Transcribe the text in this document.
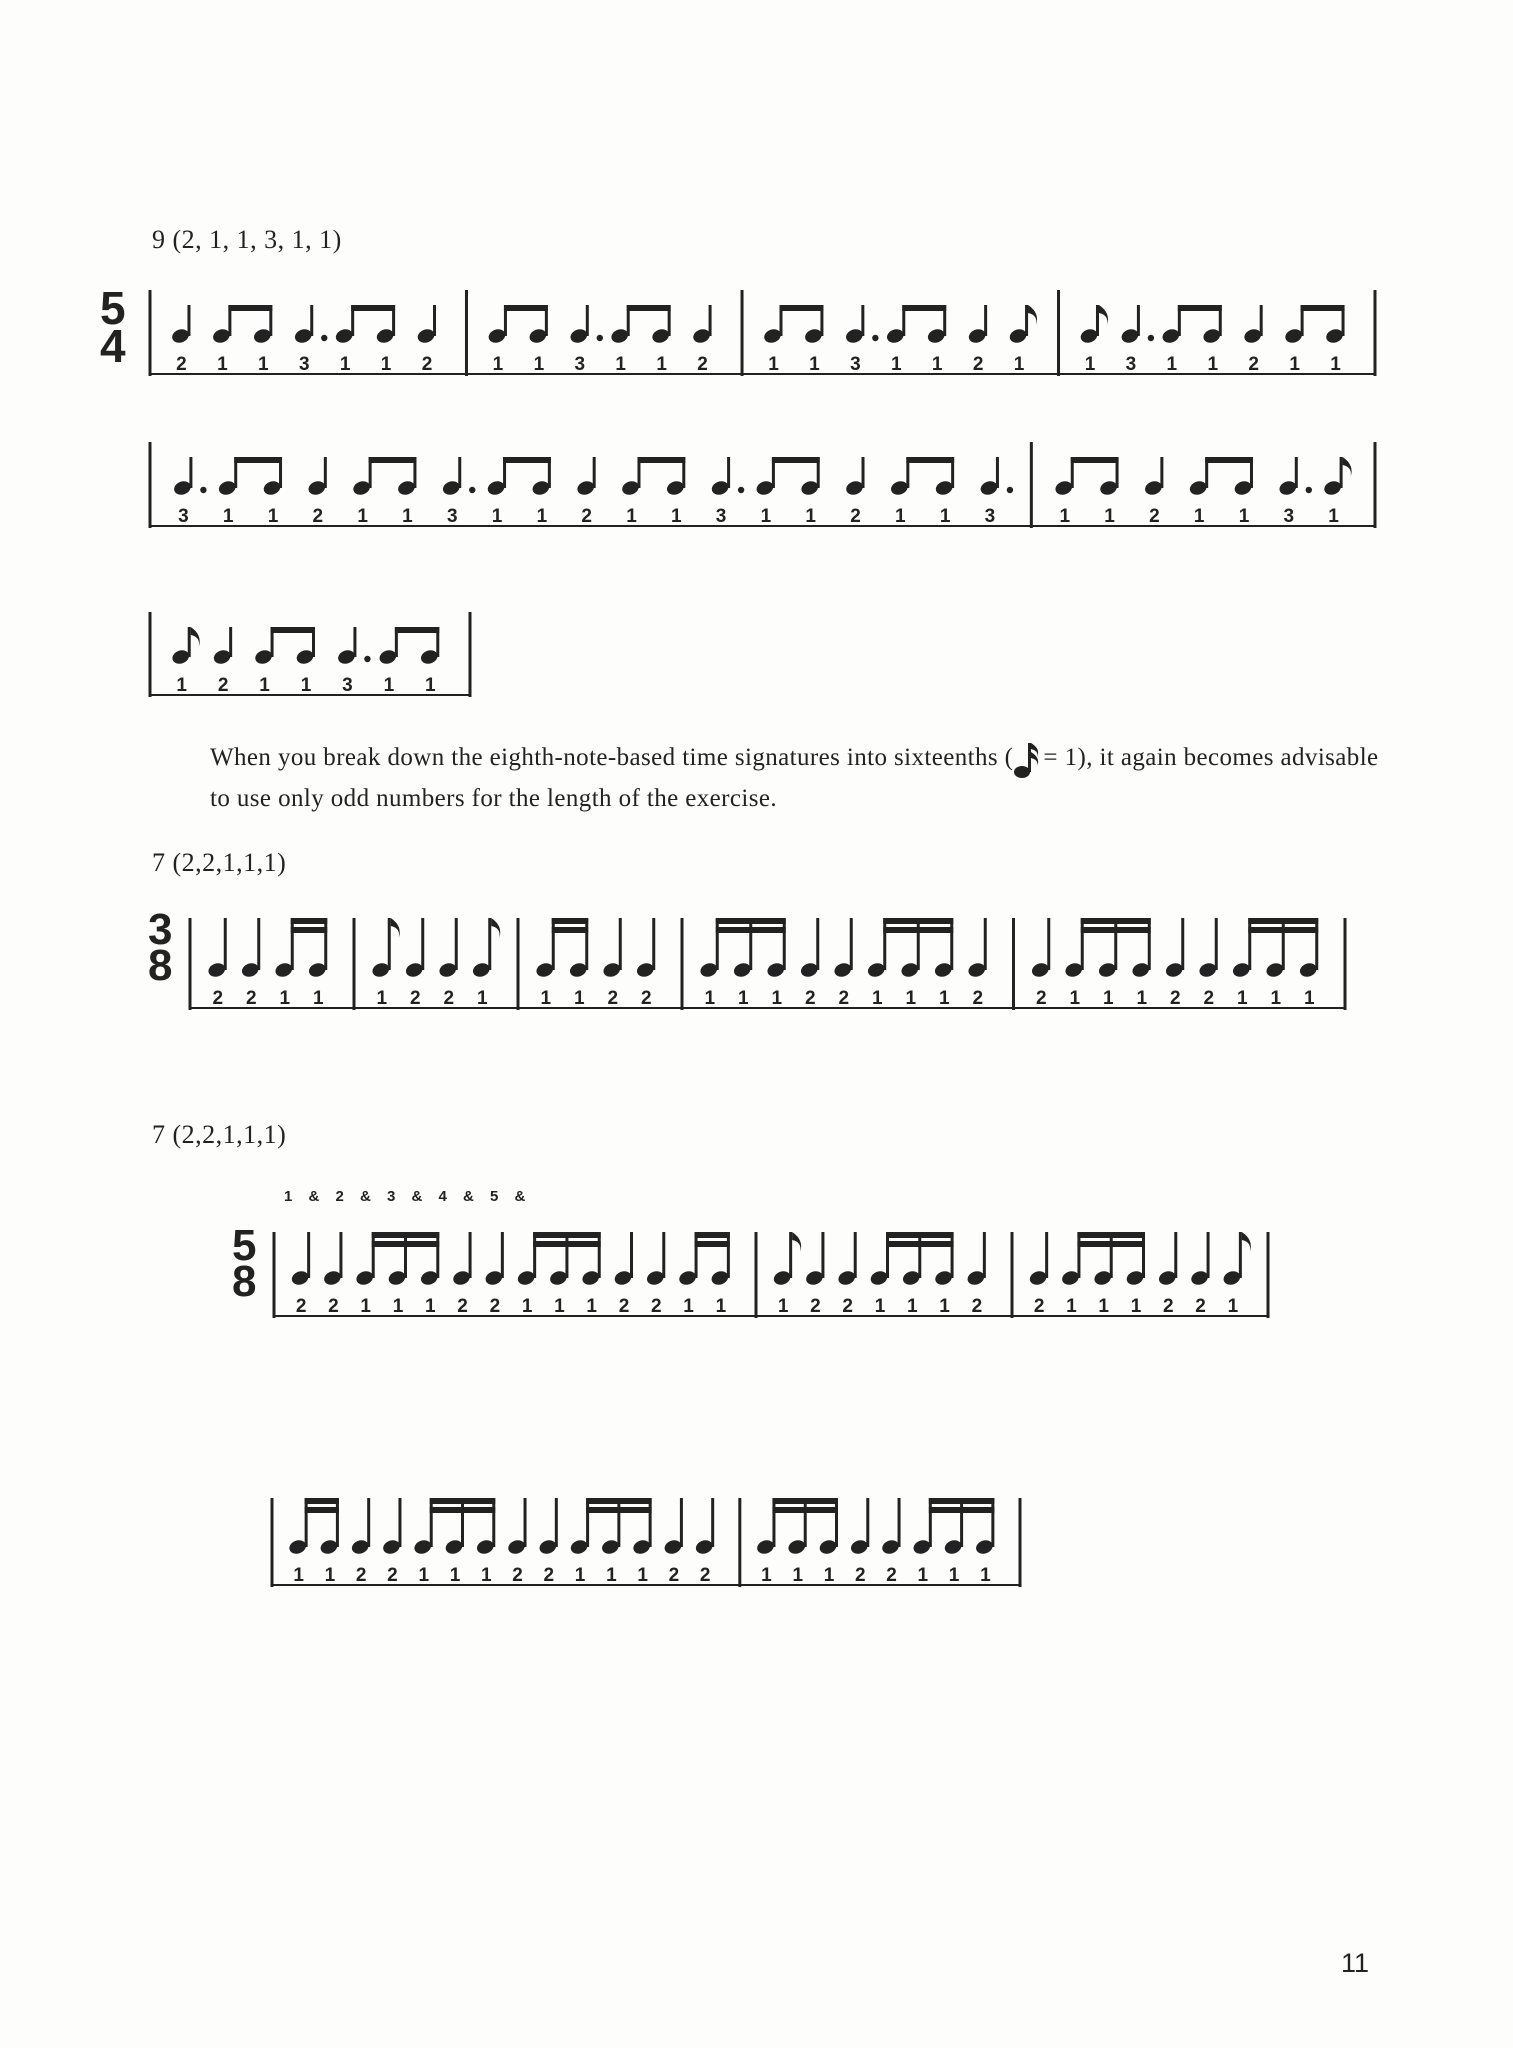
9 (2, 1, 1, 3, 1, 1)
5
4	2 1 1 3 1 1 2	1 1 3 1 1 2	1 1 3 1 1 2 1	1 3 1 1 2 1 1
3 1 1 2 1 1 3 1 1 2 1 1 3 1 1 2 1 1 3	1 1 2 1 1 3 1
1 2 1 1 3 1 1

When you break down the eighth-note-based time signatures into sixteenths ( = 1), it again becomes advisable to use only odd numbers for the length of the exercise.

7 (2,2,1,1,1)
3
8
2 2 1 1	1 2 2 1	1 1 2 2	1 1 1 2 2 1 1 1 2	2 1 1 1 2 2 1 1 1
7 (2,2,1,1,1)
1 & 2 & 3 & 4 & 5 &
5
8
2 2 1 1 1 2 2 1 1 1 2 2 1 1	1 2 2 1 1 1 2	2 1 1 1 2 2 1
1 1 2 2 1 1 1 2 2 1 1 1 2 2	1 1 1 2 2 1 1 1
11
